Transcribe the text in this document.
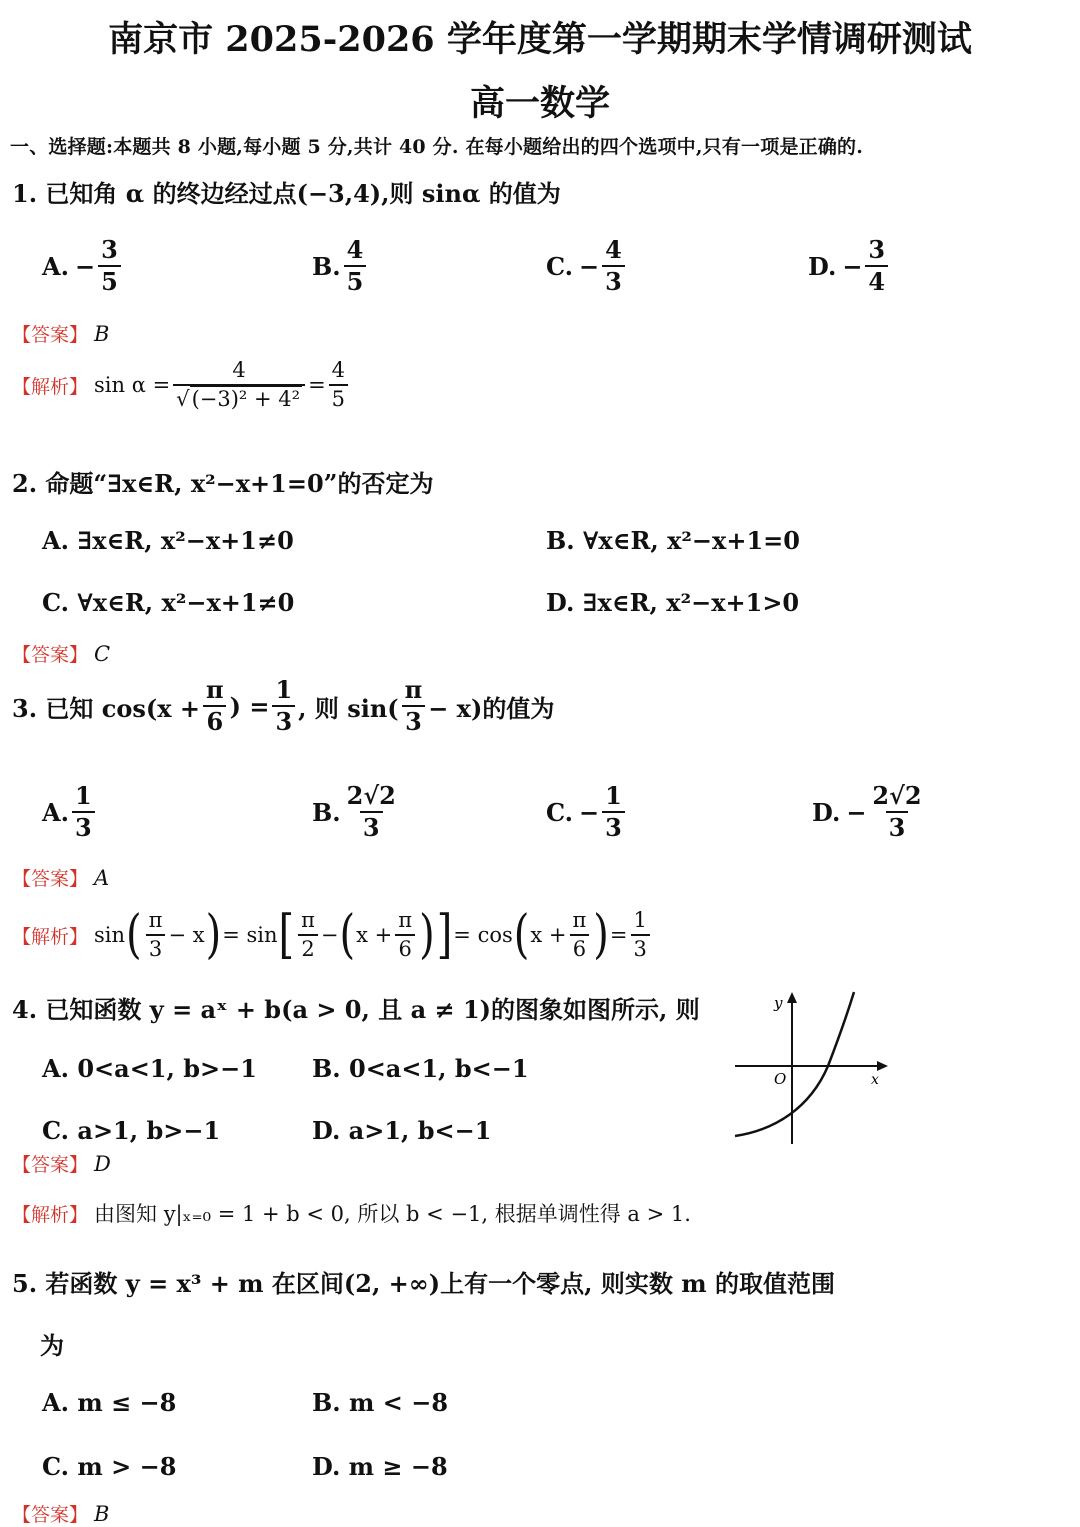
南京市 2025-2026 学年度第一学期期末学情调研测试
高一数学
一、选择题:本题共 8 小题,每小题 5 分,共计 40 分. 在每小题给出的四个选项中,只有一项是正确的.
1. 已知角 α 的终边经过点(−3,4),则 sinα 的值为
A. − $\frac{3}{5}$	B. $\frac{4}{5}$	C. − $\frac{4}{3}$	D. − $\frac{3}{4}$
【答案】 B
【解析】 $\sin \alpha = \frac{4}{\text{√(−3)² + 4²}} = \frac{4}{5}$
2. 命题“∃x∈R, x²−x+1=0”的否定为
A. ∃x∈R, x²−x+1≠0	B. ∀x∈R, x²−x+1=0
C. ∀x∈R, x²−x+1≠0	D. ∃x∈R, x²−x+1>0
【答案】 C
3. 已知 $\cos(x + \frac{\pi}{6}$ ) = $\frac{1}{3}$ , 则 $\sin( \frac{\pi}{3} - x)$的值为
A. $\frac{1}{3}$	B. $\frac{2√2}{3}$	C. − $\frac{1}{3}$	D. − $\frac{2√2}{3}$
【答案】 A
【解析】 sin ( $\frac{\pi}{3} - x$ ) = sin [ $\frac{\pi}{2}$ − ( $x + \frac{\pi}{6}$ ) ] = cos ( $x + \frac{\pi}{6}$ ) = $\frac{1}{3}$
4. 已知函数 y = aˣ + b(a > 0, 且 a ≠ 1)的图象如图所示, 则
A. 0<a<1, b>−1 B. 0<a<1, b<−1
C. a>1, b>−1	D. a>1, b<−1
y
O	x
【答案】 D
【解析】 由图知 y|ₓ₌₀ = 1 + b < 0, 所以 b < −1, 根据单调性得 a > 1.
5. 若函数 y = x³ + m 在区间(2, +∞)上有一个零点, 则实数 m 的取值范围
为
A. m ≤ −8	B. m < −8
C. m > −8	D. m ≥ −8
【答案】 B
